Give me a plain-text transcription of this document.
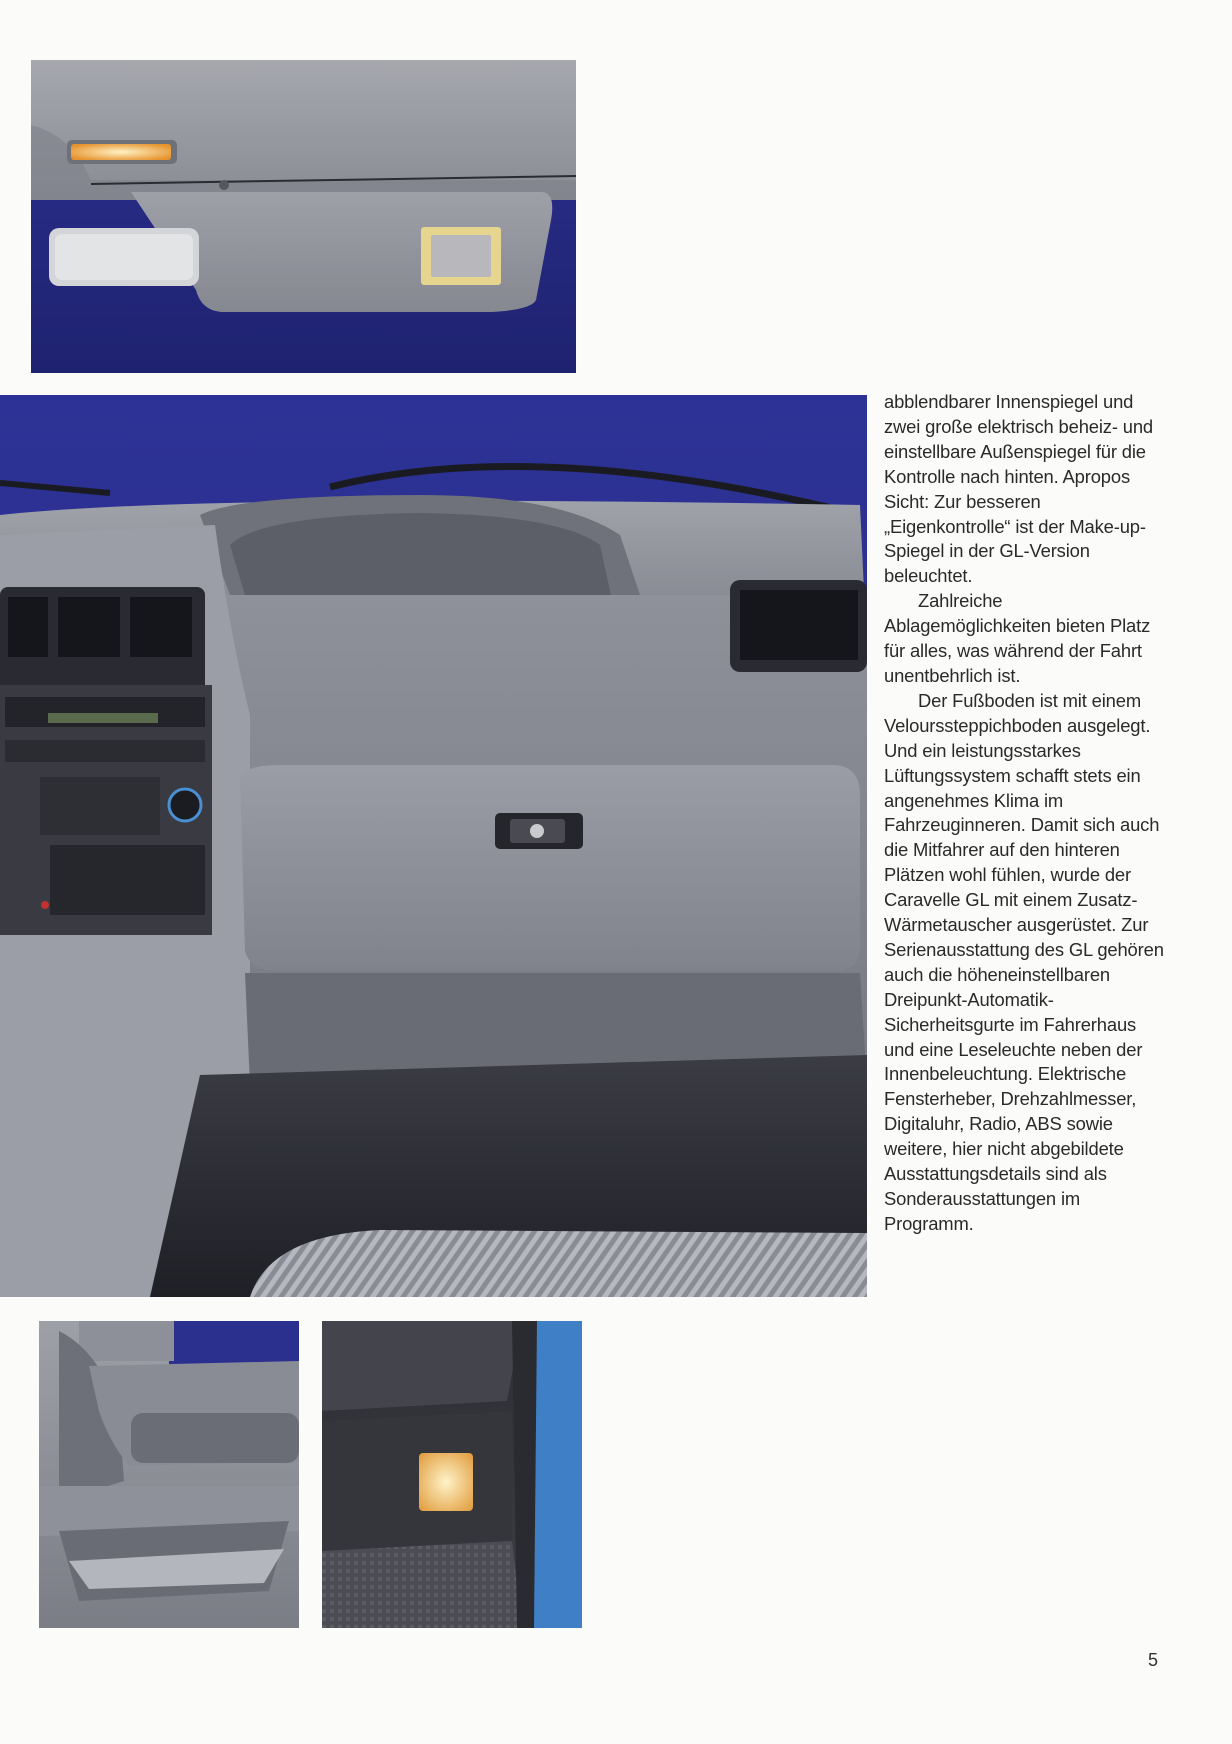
abblendbarer Innenspiegel und zwei große elektrisch beheiz- und einstellbare Außenspiegel für die Kontrolle nach hinten. Apropos Sicht: Zur besseren „Eigenkontrolle“ ist der Make-up-Spiegel in der GL-Version beleuchtet.

Zahlreiche Ablagemöglichkeiten bieten Platz für alles, was während der Fahrt unentbehrlich ist.

Der Fußboden ist mit einem Velourssteppichboden ausgelegt. Und ein leistungsstarkes Lüftungssystem schafft stets ein angenehmes Klima im Fahrzeuginneren. Damit sich auch die Mitfahrer auf den hinteren Plätzen wohl fühlen, wurde der Caravelle GL mit einem Zusatz-Wärmetauscher ausgerüstet. Zur Serienausstattung des GL gehören auch die höheneinstellbaren Dreipunkt-Automatik-Sicherheitsgurte im Fahrerhaus und eine Leseleuchte neben der Innenbeleuchtung. Elektrische Fensterheber, Drehzahlmesser, Digitaluhr, Radio, ABS sowie weitere, hier nicht abgebildete Ausstattungsdetails sind als Sonderausstattungen im Programm.

5
